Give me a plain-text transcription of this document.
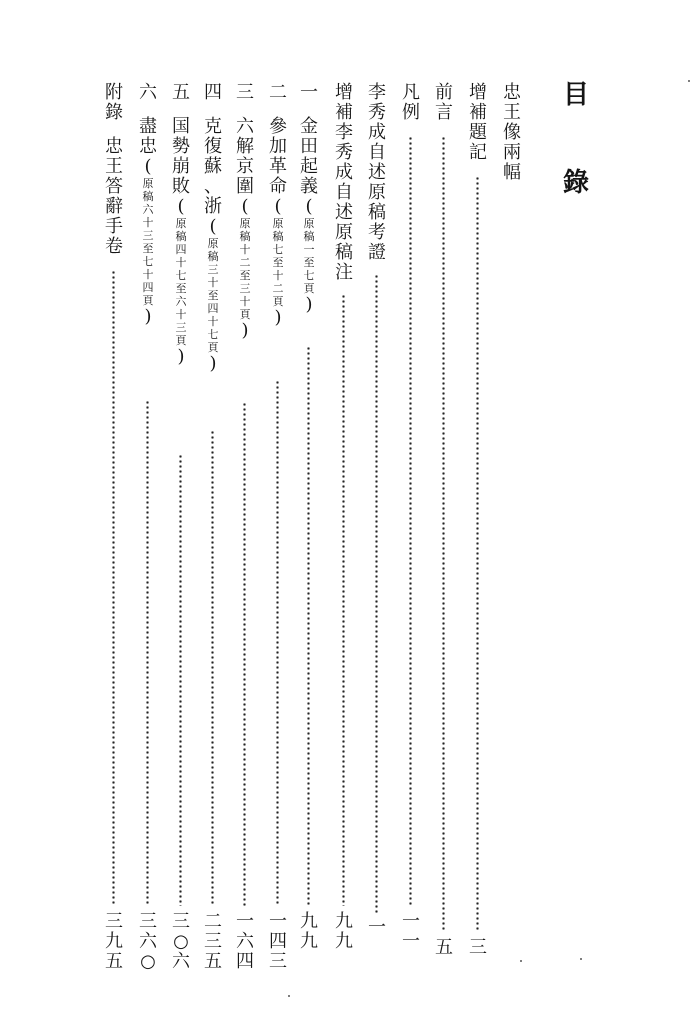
目
錄
忠
王
像
兩
幅
增
補
題
記
三
前
言
五
凡
例
一
一
李
秀
成
自
述
原
稿
考
證
一
增
補
李
秀
成
自
述
原
稿
注
九
九
一
金
田
起
義
(
原
稿
一
至
七
頁
)
九
九
二
參
加
革
命
(
原
稿
七
至
十
二
頁
)
一
四
三
三
六
解
京
圍
(
原
稿
十
二
至
三
十
頁
)
一
六
四
四
克
復
蘇
、
浙
(
原
稿
三
十
至
四
十
七
頁
)
二
三
五
五
国
勢
崩
敗
(
原
稿
四
十
七
至
六
十
三
頁
)
三
○
六
六
盡
忠
(
原
稿
六
十
三
至
七
十
四
頁
)
三
六
○
附
錄
忠
王
答
辭
手
卷
三
九
五
